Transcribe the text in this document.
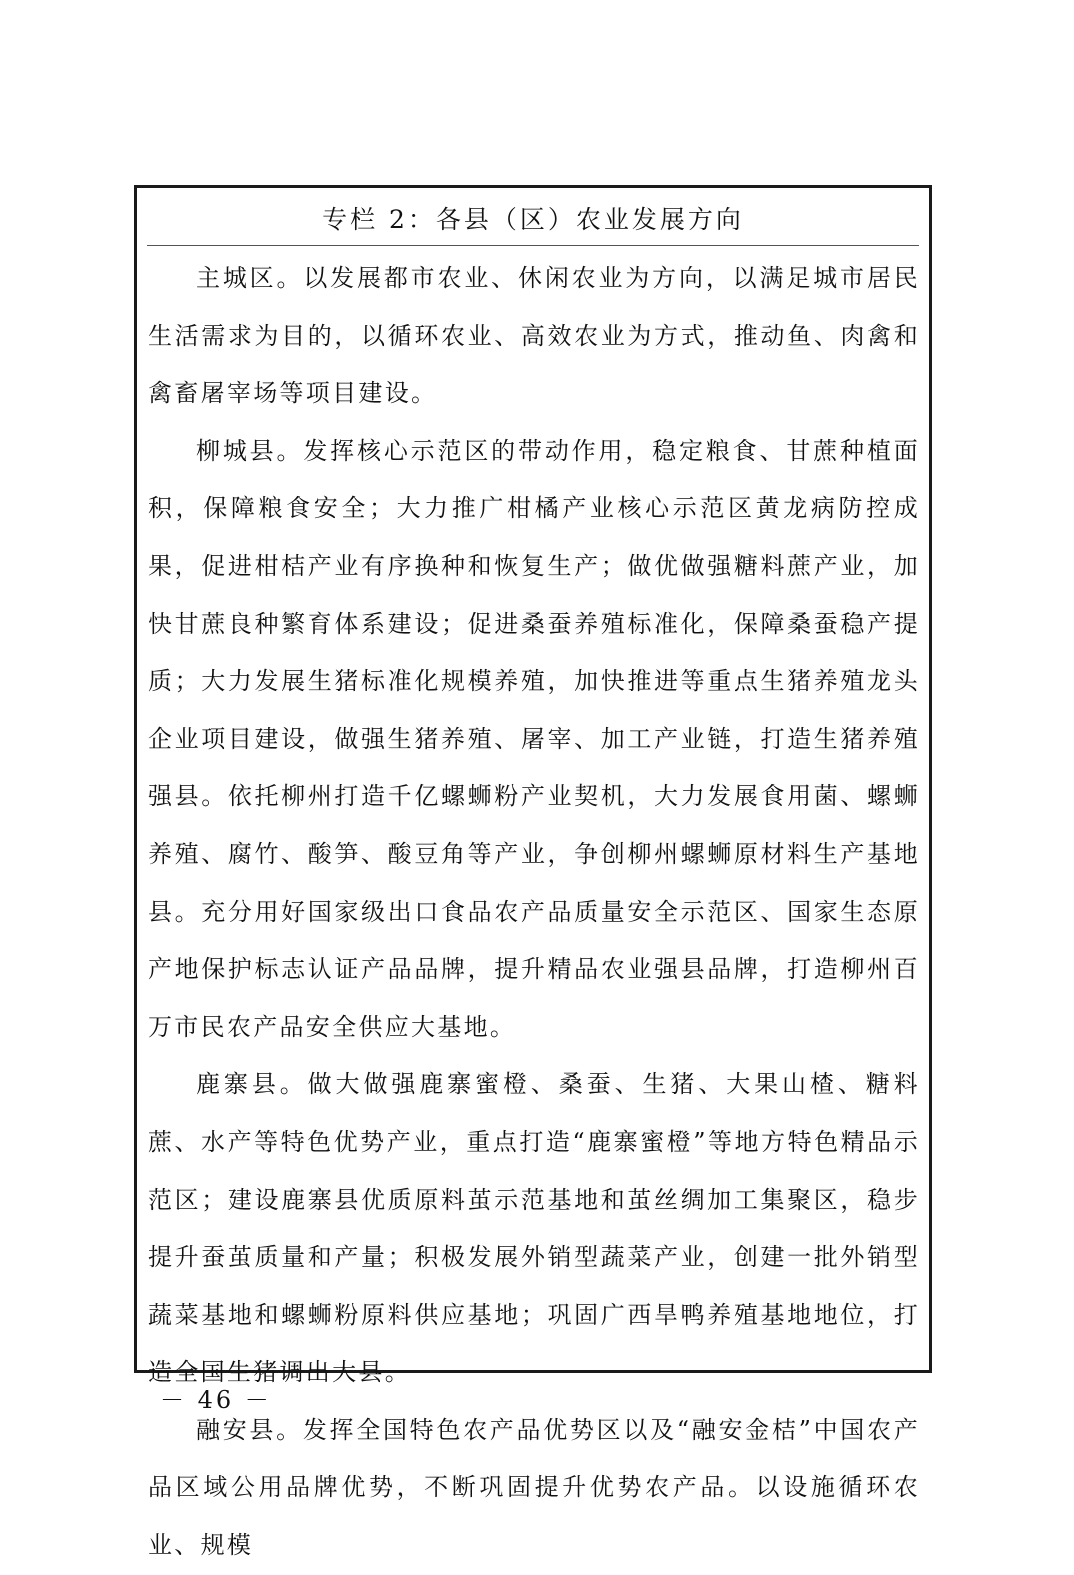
专栏 2：各县（区）农业发展方向

主城区。以发展都市农业、休闲农业为方向，以满足城市居民生活需求为目的，以循环农业、高效农业为方式，推动鱼、肉禽和禽畜屠宰场等项目建设。

柳城县。发挥核心示范区的带动作用，稳定粮食、甘蔗种植面积，保障粮食安全；大力推广柑橘产业核心示范区黄龙病防控成果，促进柑桔产业有序换种和恢复生产；做优做强糖料蔗产业，加快甘蔗良种繁育体系建设；促进桑蚕养殖标准化，保障桑蚕稳产提质；大力发展生猪标准化规模养殖，加快推进等重点生猪养殖龙头企业项目建设，做强生猪养殖、屠宰、加工产业链，打造生猪养殖强县。依托柳州打造千亿螺蛳粉产业契机，大力发展食用菌、螺蛳养殖、腐竹、酸笋、酸豆角等产业，争创柳州螺蛳原材料生产基地县。充分用好国家级出口食品农产品质量安全示范区、国家生态原产地保护标志认证产品品牌，提升精品农业强县品牌，打造柳州百万市民农产品安全供应大基地。

鹿寨县。做大做强鹿寨蜜橙、桑蚕、生猪、大果山楂、糖料蔗、水产等特色优势产业，重点打造“鹿寨蜜橙”等地方特色精品示范区；建设鹿寨县优质原料茧示范基地和茧丝绸加工集聚区，稳步提升蚕茧质量和产量；积极发展外销型蔬菜产业，创建一批外销型蔬菜基地和螺蛳粉原料供应基地；巩固广西旱鸭养殖基地地位，打造全国生猪调出大县。

融安县。发挥全国特色农产品优势区以及“融安金桔”中国农产品区域公用品牌优势，不断巩固提升优势农产品。以设施循环农业、规模

－ 46 －
